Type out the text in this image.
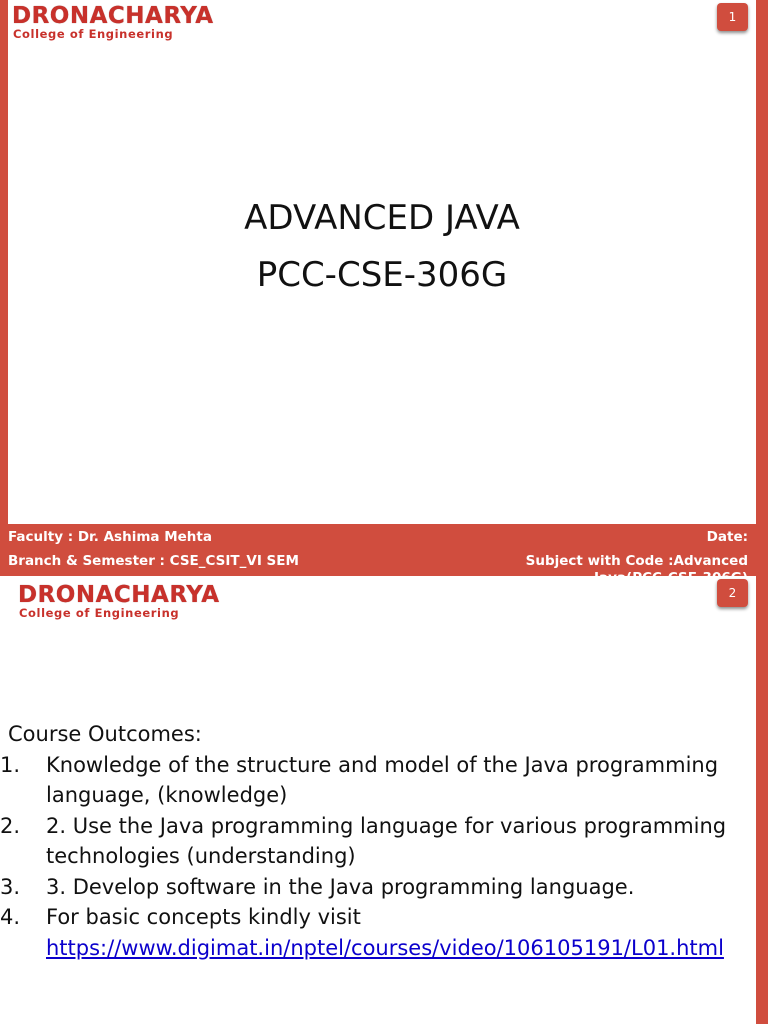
DRONACHARYA
College of Engineering
1
ADVANCED JAVA
PCC-CSE-306G
Faculty : Dr. Ashima Mehta
Branch & Semester : CSE_CSIT_VI SEM
Date:
Subject with Code :Advanced
DRONACHARYA
College of Engineering
2
Course Outcomes:
1. Knowledge of the structure and model of the Java programming language, (knowledge)
2. 2. Use the Java programming language for various programming technologies (understanding)
3. 3. Develop software in the Java programming language.
4. For basic concepts kindly visit
https://www.digimat.in/nptel/courses/video/106105191/L01.html
